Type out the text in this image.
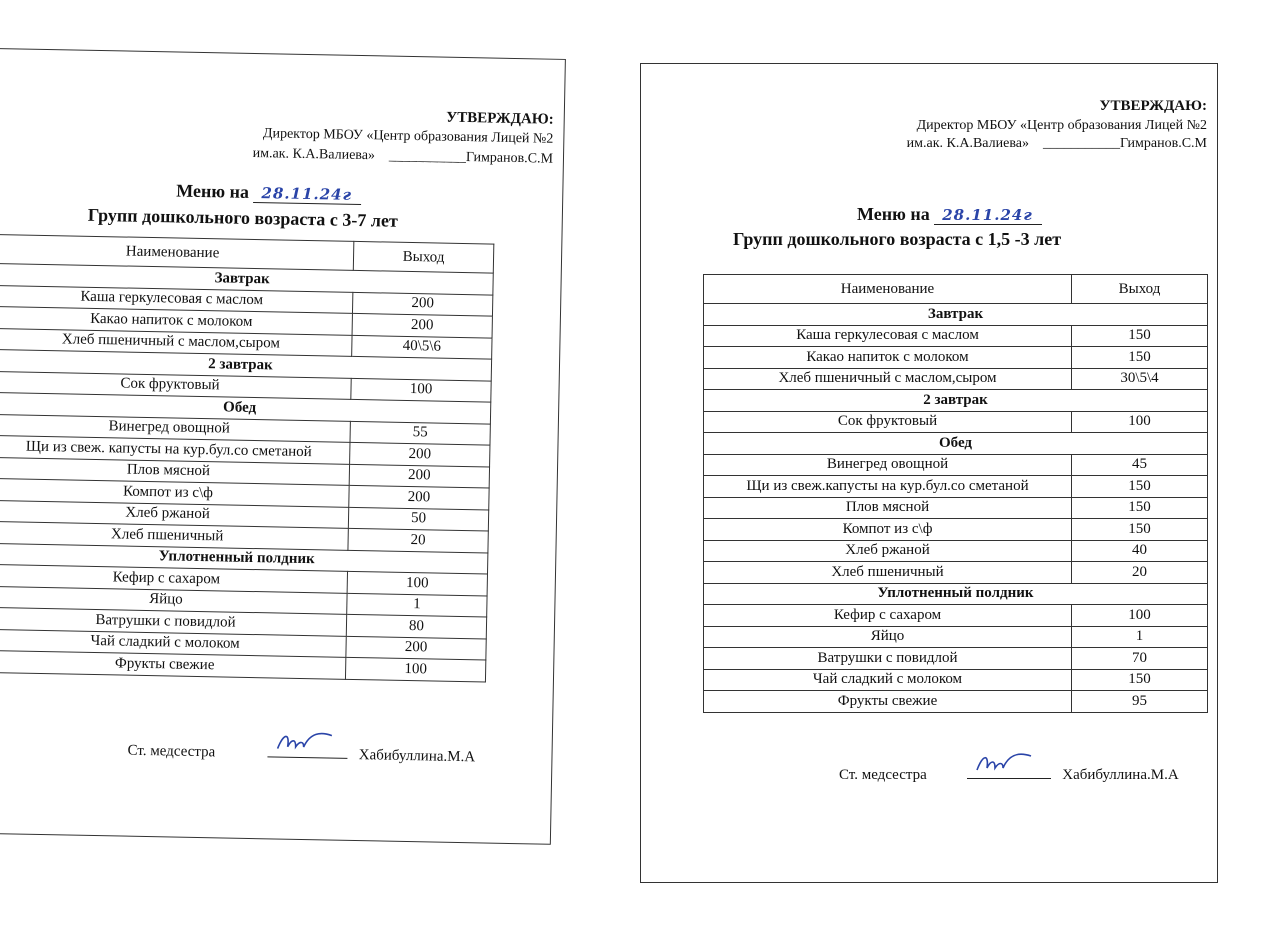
УТВЕРЖДАЮ:
Директор МБОУ «Центр образования Лицей №2
им.ак. К.А.Валиева» ___________Гимранов.С.М
Меню на 28.11.24г
Групп дошкольного возраста с 3-7 лет
Наименование	Выход
Завтрак	
Каша геркулесовая с маслом	200
Какао напиток с молоком	200
Хлеб пшеничный с маслом,сыром	40\5\6
2 завтрак	
Сок фруктовый	100
Обед	
Винегред овощной	55
Щи из свеж. капусты на кур.бул.со сметаной	200
Плов мясной	200
Компот из с\ф	200
Хлеб ржаной	50
Хлеб пшеничный	20
Уплотненный полдник	
Кефир с сахаром	100
Яйцо	1
Ватрушки с повидлой	80
Чай сладкий с молоком	200
Фрукты свежие	100
Ст. медсестра	Хабибуллина.М.А
УТВЕРЖДАЮ:
Директор МБОУ «Центр образования Лицей №2
им.ак. К.А.Валиева» ___________Гимранов.С.М
Меню на 28.11.24г
Групп дошкольного возраста с 1,5 -3 лет
Наименование	Выход
Завтрак	
Каша геркулесовая с маслом	150
Какао напиток с молоком	150
Хлеб пшеничный с маслом,сыром	30\5\4
2 завтрак	
Сок фруктовый	100
Обед	
Винегред овощной	45
Щи из свеж.капусты на кур.бул.со сметаной	150
Плов мясной	150
Компот из с\ф	150
Хлеб ржаной	40
Хлеб пшеничный	20
Уплотненный полдник	
Кефир с сахаром	100
Яйцо	1
Ватрушки с повидлой	70
Чай сладкий с молоком	150
Фрукты свежие	95
Ст. медсестра	Хабибуллина.М.А
